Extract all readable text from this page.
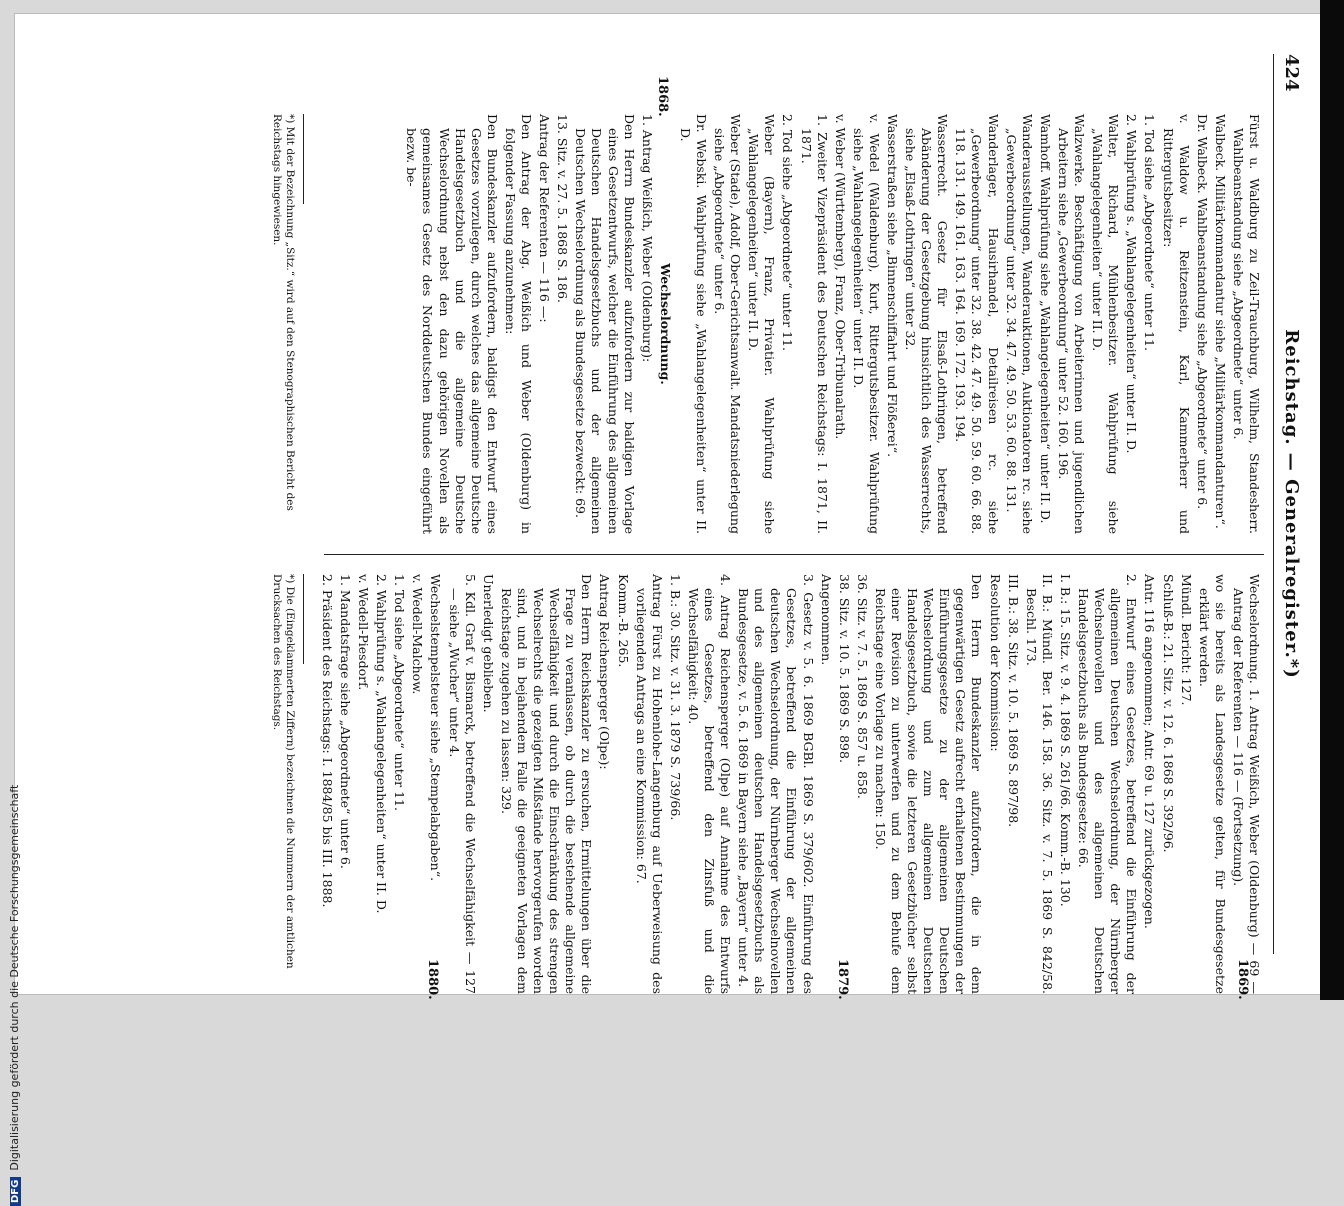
424
Reichstag. — Generalregister.*)

Fürst u. Waldburg zu Zeil-Trauchburg, Wilhelm, Standesherr. Wahlbeanstandung siehe „Abgeordnete“ unter 6.

Walbeck. Militärkommandantur siehe „Militärkommandanturen“.

Dr. Walbeck. Wahlbeanstandung siehe „Abgeordnete“ unter 6.

v. Waldow u. Reitzenstein, Karl, Kammerherr und Rittergutsbesitzer:

1. Tod siehe „Abgeordnete“ unter 11.

2. Wahlprüfung s. „Wahlangelegenheiten“ unter II. D.

Walter, Richard, Mühlenbesitzer. Wahlprüfung siehe „Wahlangelegenheiten“ unter II. D.

Walzwerke. Beschäftigung von Arbeiterinnen und jugendlichen Arbeitern siehe „Gewerbeordnung“ unter 52. 160. 196.

Wamhoff. Wahlprüfung siehe „Wahlangelegenheiten“ unter II. D.

Wanderausstellungen, Wanderauktionen, Auktionatoren rc. siehe „Gewerbeordnung“ unter 32. 34. 47. 49. 50. 53. 60. 88. 131.

Wanderlager, Hausirhandel, Detailreisen rc. siehe „Gewerbeordnung“ unter 32. 38. 42. 47. 49. 50. 59. 60. 66. 88. 118. 131. 149. 161. 163. 164. 169. 172. 193. 194.

Wasserrecht. Gesetz für Elsaß-Lothringen, betreffend Abänderung der Gesetzgebung hinsichtlich des Wasserrechts, siehe „Elsaß-Lothringen“ unter 32.

Wasserstraßen siehe „Binnenschiffahrt und Flößerei“.

v. Wedel (Waldenburg), Kurt, Rittergutsbesitzer. Wahlprüfung siehe „Wahlangelegenheiten“ unter II. D.

v. Weber (Württemberg), Franz, Ober-Tribunalrath.

1. Zweiter Vizepräsident des Deutschen Reichstags: I. 1871, II. 1871.

2. Tod siehe „Abgeordnete“ unter 11.

Weber (Bayern), Franz, Privatier. Wahlprüfung siehe „Wahlangelegenheiten“ unter II. D.

Weber (Stade), Adolf, Ober-Gerichtsanwalt. Mandatsniederlegung siehe „Abgeordnete“ unter 6.

Dr. Webski. Wahlprüfung siehe „Wahlangelegenheiten“ unter II. D.

Wechselordnung.

1. Antrag Weißich, Weber (Oldenburg):

Den Herrn Bundeskanzler aufzufordern zur baldigen Vorlage eines Gesetzentwurfs, welcher die Einführung des allgemeinen Deutschen Handelsgesetzbuchs und der allgemeinen Deutschen Wechselordnung als Bundesgesetze bezweckt: 69.

13. Sitz. v. 27. 5. 1868 S. 186.

Antrag der Referenten — 116 —:

Den Antrag der Abg. Weißich und Weber (Oldenburg) in folgender Fassung anzunehmen:

Den Bundeskanzler aufzufordern, baldigst den Entwurf eines Gesetzes vorzulegen, durch welches das allgemeine Deutsche Handelsgesetzbuch und die allgemeine Deutsche Wechselordnung nebst den dazu gehörigen Novellen als gemeinsames Gesetz des Norddeutschen Bundes eingeführt bezw. be-

1868.

Wechselordnung. 1. Antrag Weißich, Weber (Oldenburg) — 69 — Antrag der Referenten — 116 — (Fortsetzung).

wo sie bereits als Landesgesetze gelten, für Bundesgesetze erklärt werden.

Mündl. Bericht: 127.

Schluß-B.: 21. Sitz. v. 12. 6. 1868 S. 392/96.

Antr. 116 angenommen; Antr. 69 u. 127 zurückgezogen.

2. Entwurf eines Gesetzes, betreffend die Einführung der allgemeinen Deutschen Wechselordnung, der Nürnberger Wechselnovellen und des allgemeinen Deutschen Handelsgesetzbuchs als Bundesgesetze: 66.

I. B.: 15. Sitz. v. 9. 4. 1869 S. 261/66. Komm.-B. 130.

II. B.: Mündl. Ber. 146. 158. 36. Sitz. v. 7. 5. 1869 S. 842/58. Beschl. 173.

III. B.: 38. Sitz. v. 10. 5. 1869 S. 897/98.

Resolution der Kommission:

Den Herrn Bundeskanzler aufzufordern, die in dem gegenwärtigen Gesetz aufrecht erhaltenen Bestimmungen der Einführungsgesetze zu der allgemeinen Deutschen Wechselordnung und zum allgemeinen Deutschen Handelsgesetzbuch, sowie die letzteren Gesetzbücher selbst einer Revision zu unterwerfen und zu dem Behufe dem Reichstage eine Vorlage zu machen: 150.

36. Sitz. v. 7. 5. 1869 S. 857 u. 858.

38. Sitz. v. 10. 5. 1869 S. 898.

Angenommen.

3. Gesetz v. 5. 6. 1869 BGBl. 1869 S. 379/602. Einführung des Gesetzes, betreffend die Einführung der allgemeinen deutschen Wechselordnung, der Nürnberger Wechselnovellen und des allgemeinen deutschen Handelsgesetzbuchs als Bundesgesetze, v. 5. 6. 1869 in Bayern siehe „Bayern“ unter 4.

4. Antrag Reichensperger (Olpe) auf Annahme des Entwurfs eines Gesetzes, betreffend den Zinsfuß und die Wechselfähigkeit: 40.

1. B.: 30. Sitz. v. 31. 3. 1879 S. 739/66.

Antrag Fürst zu Hohenlohe-Langenburg auf Ueberweisung des vorliegenden Antrags an eine Kommission: 67.

Komm.-B. 265.

Antrag Reichensperger (Olpe):

Den Herrn Reichskanzler zu ersuchen, Ermittelungen über die Frage zu veranlassen, ob durch die bestehende allgemeine Wechselfähigkeit und durch die Einschränkung des strengen Wechselrechts die gezeigten Mißstände hervorgerufen worden sind, und in bejahendem Falle die geeigneten Vorlagen dem Reichstage zugehen zu lassen: 329.

Unerledigt geblieben.

5. Kdl. Graf v. Bismarck, betreffend die Wechselfähigkeit — 127 — siehe „Wucher“ unter 4.

Wechselstempelsteuer siehe „Stempelabgaben“.

v. Wedell-Malchow.

1. Tod siehe „Abgeordnete“ unter 11.

2. Wahlprüfung s. „Wahlangelegenheiten“ unter II. D.

v. Wedell-Piesdorf.

1. Mandatsfrage siehe „Abgeordnete“ unter 6.

2. Präsident des Reichstags: I. 1884/85 bis III. 1888.

1869.
1879.
1880.
*) Mit der Bezeichnung „Sitz.“ wird auf den Stenographischen Bericht des Reichstags hingewiesen.
*) Die (Eingeklammerten Ziffern) bezeichnen die Nummern der amtlichen Drucksachen des Reichstags.
DFGDigitalisierung gefördert durch die Deutsche Forschungsgemeinschaft
